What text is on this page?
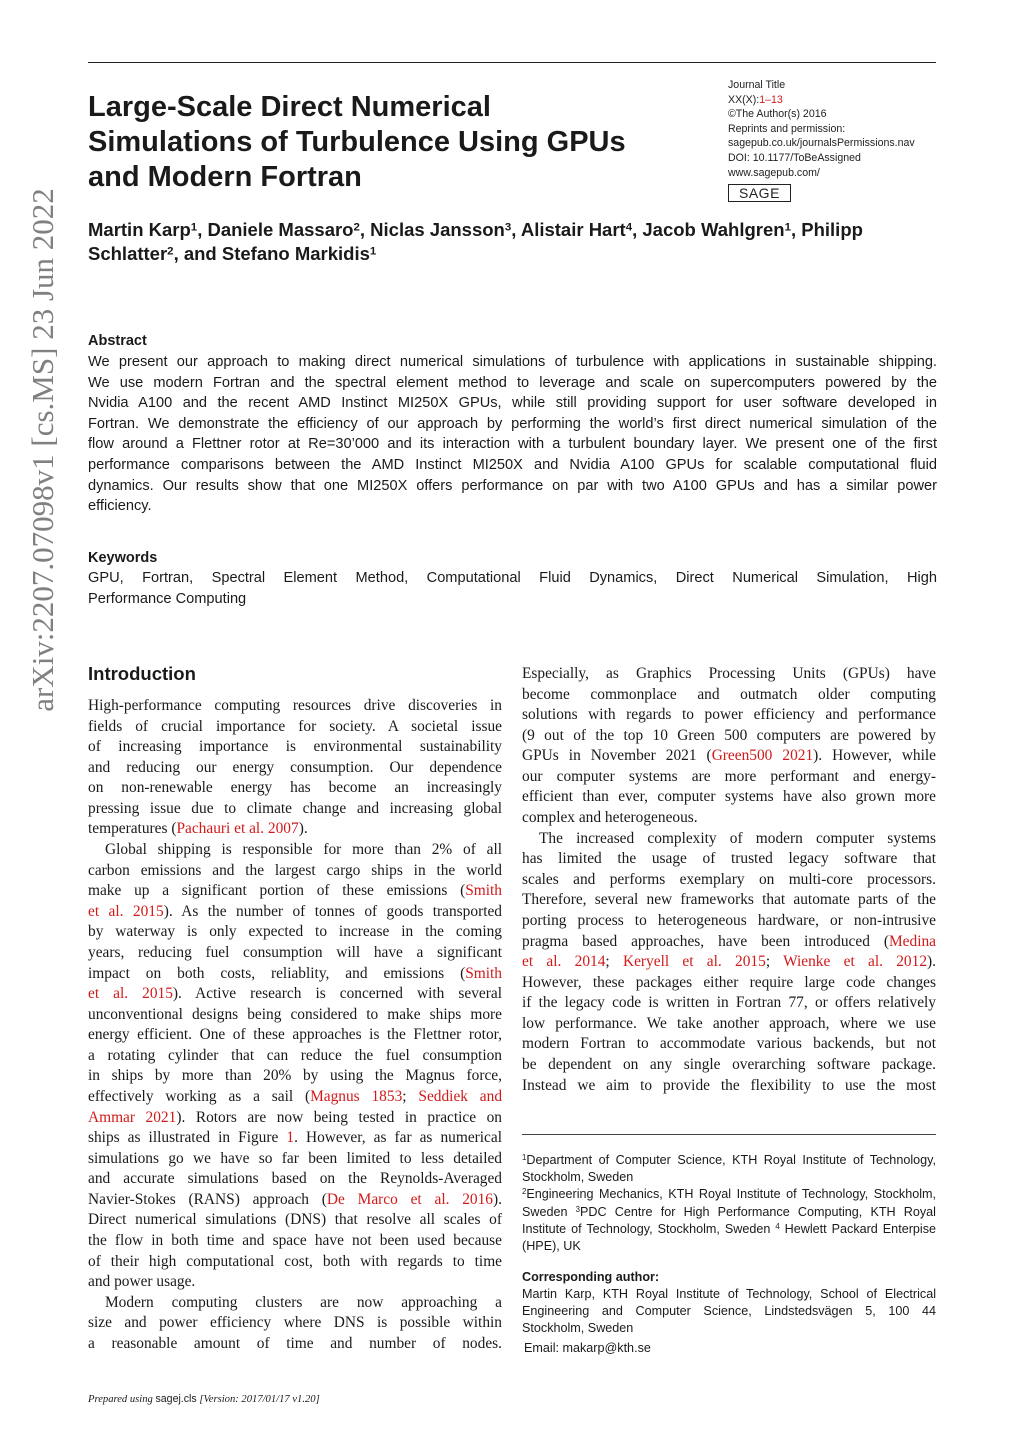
Large-Scale Direct Numerical
Simulations of Turbulence Using GPUs
and Modern Fortran
Journal Title
XX(X):1–13
©The Author(s) 2016
Reprints and permission:
sagepub.co.uk/journalsPermissions.nav
DOI: 10.1177/ToBeAssigned
www.sagepub.com/
SAGE
Martin Karp$^1$, Daniele Massaro$^2$, Niclas Jansson$^3$, Alistair Hart$^4$, Jacob Wahlgren$^1$, Philipp
Schlatter$^2$, and Stefano Markidis$^1$
Abstract
We present our approach to making direct numerical simulations of turbulence with applications in sustainable shipping.
We use modern Fortran and the spectral element method to leverage and scale on supercomputers powered by the
Nvidia A100 and the recent AMD Instinct MI250X GPUs, while still providing support for user software developed in
Fortran. We demonstrate the efficiency of our approach by performing the world’s first direct numerical simulation of the
flow around a Flettner rotor at Re=30’000 and its interaction with a turbulent boundary layer. We present one of the first
performance comparisons between the AMD Instinct MI250X and Nvidia A100 GPUs for scalable computational fluid
dynamics. Our results show that one MI250X offers performance on par with two A100 GPUs and has a similar power
efficiency.
Keywords
GPU, Fortran, Spectral Element Method, Computational Fluid Dynamics, Direct Numerical Simulation, High
Performance Computing
arXiv:2207.07098v1 [cs.MS] 23 Jun 2022 Introduction
High-performance computing resources drive discoveries in
fields of crucial importance for society. A societal issue
of increasing importance is environmental sustainability
and reducing our energy consumption. Our dependence
on non-renewable energy has become an increasingly
pressing issue due to climate change and increasing global
temperatures (Pachauri et al. 2007).
Global shipping is responsible for more than 2% of all
carbon emissions and the largest cargo ships in the world
make up a significant portion of these emissions (Smith
et al. 2015). As the number of tonnes of goods transported
by waterway is only expected to increase in the coming
years, reducing fuel consumption will have a significant
impact on both costs, reliablity, and emissions (Smith
et al. 2015). Active research is concerned with several
unconventional designs being considered to make ships more
energy efficient. One of these approaches is the Flettner rotor,
a rotating cylinder that can reduce the fuel consumption
in ships by more than 20% by using the Magnus force,
effectively working as a sail (Magnus 1853; Seddiek and
Ammar 2021). Rotors are now being tested in practice on
ships as illustrated in Figure 1. However, as far as numerical
simulations go we have so far been limited to less detailed
and accurate simulations based on the Reynolds-Averaged
Navier-Stokes (RANS) approach (De Marco et al. 2016).
Direct numerical simulations (DNS) that resolve all scales of
the flow in both time and space have not been used because
of their high computational cost, both with regards to time
and power usage.
Modern computing clusters are now approaching a
size and power efficiency where DNS is possible within
a reasonable amount of time and number of nodes.
Especially, as Graphics Processing Units (GPUs) have
become commonplace and outmatch older computing
solutions with regards to power efficiency and performance
(9 out of the top 10 Green 500 computers are powered by
GPUs in November 2021 (Green500 2021). However, while
our computer systems are more performant and energy-
efficient than ever, computer systems have also grown more
complex and heterogeneous.
The increased complexity of modern computer systems
has limited the usage of trusted legacy software that
scales and performs exemplary on multi-core processors.
Therefore, several new frameworks that automate parts of the
porting process to heterogeneous hardware, or non-intrusive
pragma based approaches, have been introduced (Medina
et al. 2014; Keryell et al. 2015; Wienke et al. 2012).
However, these packages either require large code changes
if the legacy code is written in Fortran 77, or offers relatively
low performance. We take another approach, where we use
modern Fortran to accommodate various backends, but not
be dependent on any single overarching software package.
Instead we aim to provide the flexibility to use the most
$^1$Department of Computer Science, KTH Royal Institute of Technology, Stockholm, Sweden
$^2$Engineering Mechanics, KTH Royal Institute of Technology, Stockholm, Sweden $^3$PDC Centre for High Performance Computing, KTH Royal Institute of Technology, Stockholm, Sweden $^4$ Hewlett Packard Enterpise (HPE), UK
Corresponding author:
Martin Karp, KTH Royal Institute of Technology, School of Electrical Engineering and Computer Science, Lindstedsvägen 5, 100 44 Stockholm, Sweden
Email: makarp@kth.se
Prepared using sagej.cls [Version: 2017/01/17 v1.20]
